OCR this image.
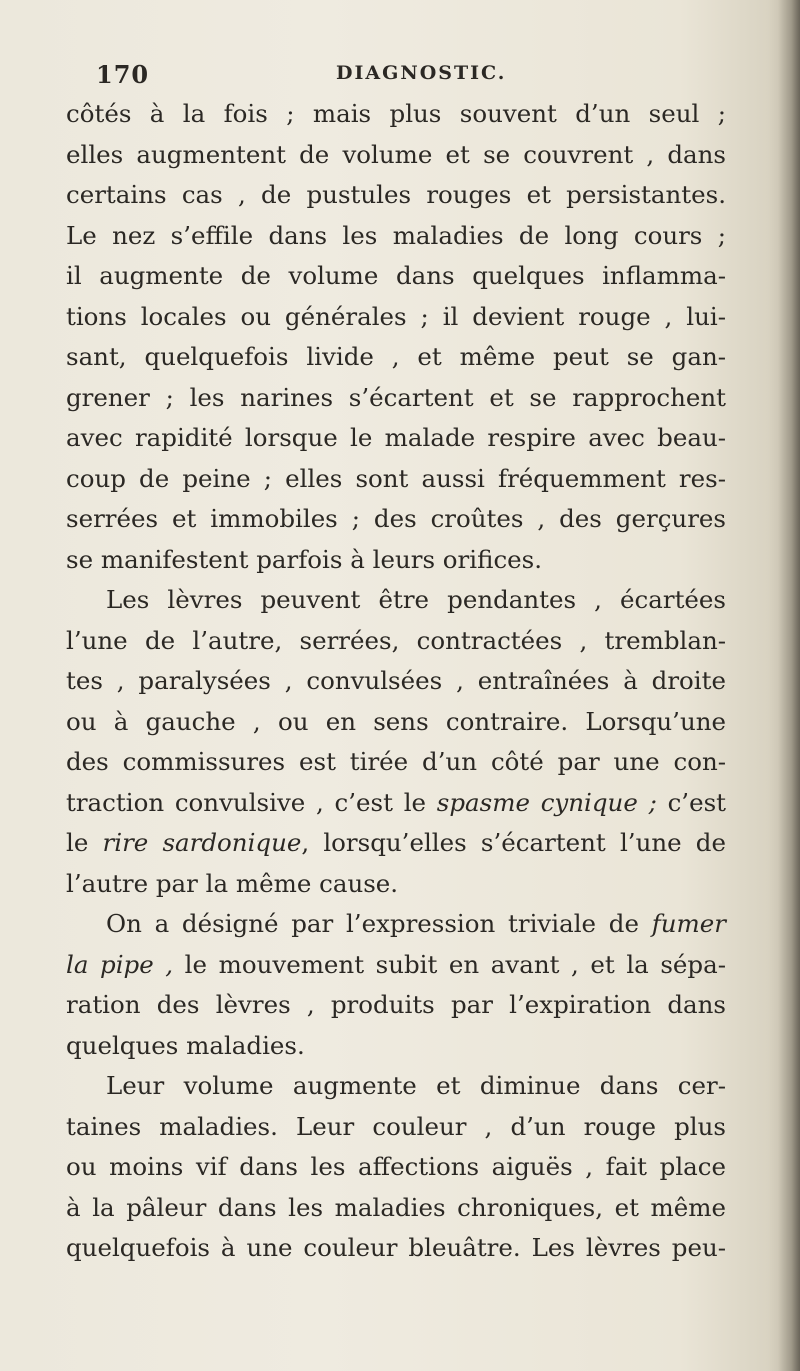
170	DIAGNOSTIC.
côtés à la fois ; mais plus souvent d’un seul ;
elles augmentent de volume et se couvrent , dans
certains cas , de pustules rouges et persistantes.
Le nez s’effile dans les maladies de long cours ;
il augmente de volume dans quelques inflamma-
tions locales ou générales ; il devient rouge , lui-
sant, quelquefois livide , et même peut se gan-
grener ; les narines s’écartent et se rapprochent
avec rapidité lorsque le malade respire avec beau-
coup de peine ; elles sont aussi fréquemment res-
serrées et immobiles ; des croûtes , des gerçures
se manifestent parfois à leurs orifices.
Les lèvres peuvent être pendantes , écartées
l’une de l’autre, serrées, contractées , tremblan-
tes , paralysées , convulsées , entraînées à droite
ou à gauche , ou en sens contraire. Lorsqu’une
des commissures est tirée d’un côté par une con-
traction convulsive , c’est le spasme cynique ; c’est
le rire sardonique, lorsqu’elles s’écartent l’une de
l’autre par la même cause.
On a désigné par l’expression triviale de fumer
la pipe , le mouvement subit en avant , et la sépa-
ration des lèvres , produits par l’expiration dans
quelques maladies.
Leur volume augmente et diminue dans cer-
taines maladies. Leur couleur , d’un rouge plus
ou moins vif dans les affections aiguës , fait place
à la pâleur dans les maladies chroniques, et même
quelquefois à une couleur bleuâtre. Les lèvres peu-
